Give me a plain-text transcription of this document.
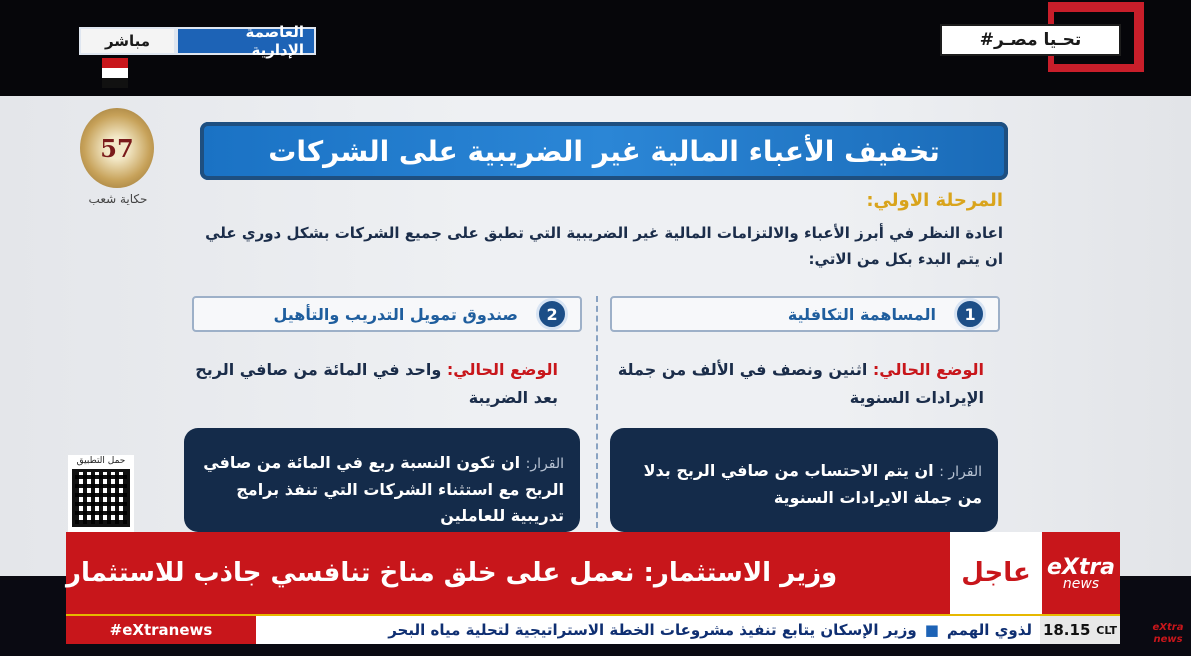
العاصمة الإدارية
مباشر	#تحـيا مصـر
57
حكاية شعب
تخفيف الأعباء المالية غير الضريبية على الشركات
المرحلة الاولي:
اعادة النظر في أبرز الأعباء والالتزامات المالية غير الضريبية التي تطبق على جميع الشركات بشكل دوري علي ان يتم البدء بكل من الاتي:
1
المساهمة التكافلية
الوضع الحالي: اثنين ونصف في الألف من جملة الإيرادات السنوية
القرار : ان يتم الاحتساب من صافي الربح بدلا من جملة الايرادات السنوية
2
صندوق تمويل التدريب والتأهيل
الوضع الحالي: واحد في المائة من صافي الربح بعد الضريبة
القرار: ان تكون النسبة ربع في المائة من صافي الربح مع استثناء الشركات التي تنفذ برامج تدريبية للعاملين
حمل التطبيق
وزير الاستثمار: نعمل على خلق مناخ تنافسي جاذب للاستثمار	عاجل eXtra
news
#eXtranews	لذوي الهمم
■
وزير الإسكان يتابع تنفيذ مشروعات الخطة الاستراتيجية لتحلية مياه البحر	18.15 CLT	eXtra news
